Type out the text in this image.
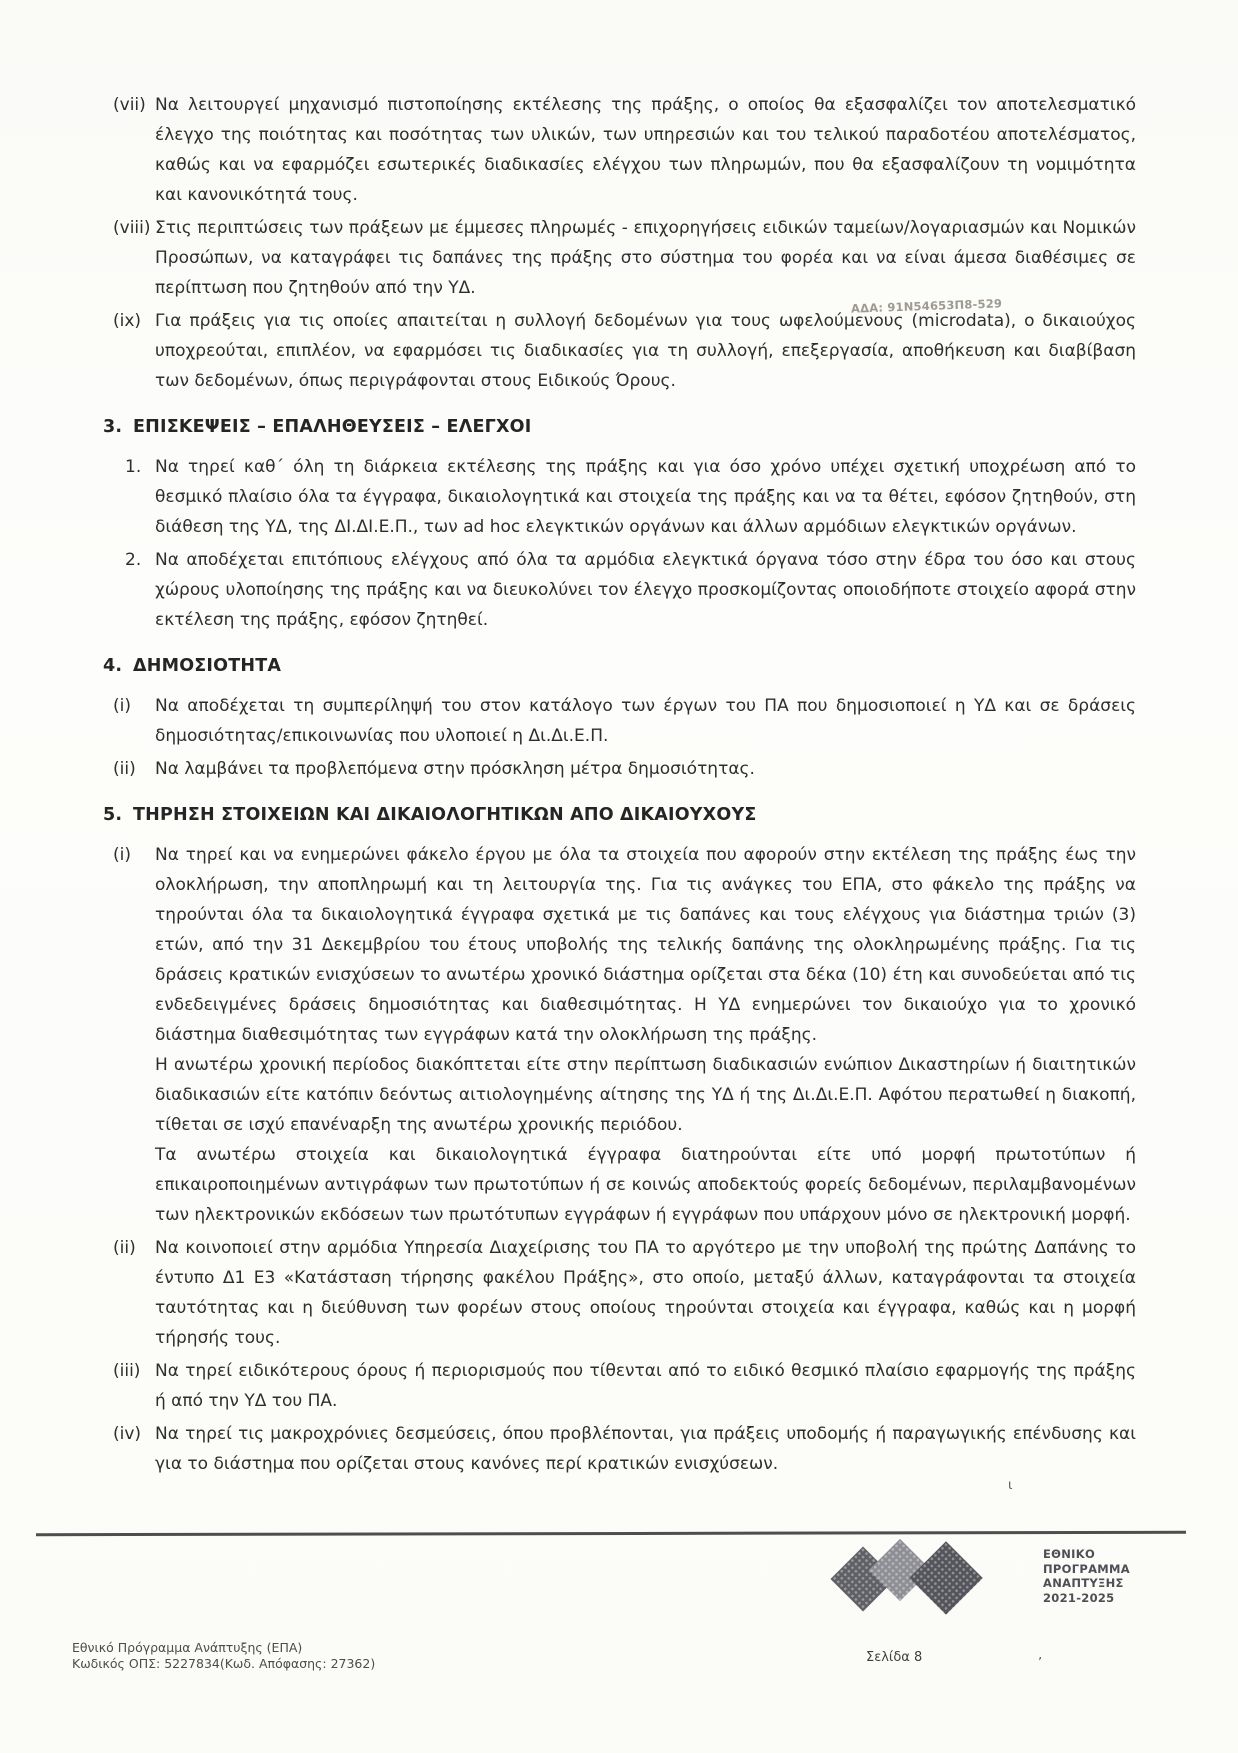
(vii) Να λειτουργεί μηχανισμό πιστοποίησης εκτέλεσης της πράξης, ο οποίος θα εξασφαλίζει τον αποτελεσματικό έλεγχο της ποιότητας και ποσότητας των υλικών, των υπηρεσιών και του τελικού παραδοτέου αποτελέσματος, καθώς και να εφαρμόζει εσωτερικές διαδικασίες ελέγχου των πληρωμών, που θα εξασφαλίζουν τη νομιμότητα και κανονικότητά τους.
(viii) Στις περιπτώσεις των πράξεων με έμμεσες πληρωμές - επιχορηγήσεις ειδικών ταμείων/λογαριασμών και Νομικών Προσώπων, να καταγράφει τις δαπάνες της πράξης στο σύστημα του φορέα και να είναι άμεσα διαθέσιμες σε περίπτωση που ζητηθούν από την ΥΔ.
ΑΔΑ: 91Ν54653Π8-529
(ix) Για πράξεις για τις οποίες απαιτείται η συλλογή δεδομένων για τους ωφελούμενους (microdata), ο δικαιούχος υποχρεούται, επιπλέον, να εφαρμόσει τις διαδικασίες για τη συλλογή, επεξεργασία, αποθήκευση και διαβίβαση των δεδομένων, όπως περιγράφονται στους Ειδικούς Όρους.
3. ΕΠΙΣΚΕΨΕΙΣ – ΕΠΑΛΗΘΕΥΣΕΙΣ – ΕΛΕΓΧΟΙ
1. Να τηρεί καθ΄ όλη τη διάρκεια εκτέλεσης της πράξης και για όσο χρόνο υπέχει σχετική υποχρέωση από το θεσμικό πλαίσιο όλα τα έγγραφα, δικαιολογητικά και στοιχεία της πράξης και να τα θέτει, εφόσον ζητηθούν, στη διάθεση της ΥΔ, της ΔΙ.ΔΙ.Ε.Π., των ad hoc ελεγκτικών οργάνων και άλλων αρμόδιων ελεγκτικών οργάνων.
2. Να αποδέχεται επιτόπιους ελέγχους από όλα τα αρμόδια ελεγκτικά όργανα τόσο στην έδρα του όσο και στους χώρους υλοποίησης της πράξης και να διευκολύνει τον έλεγχο προσκομίζοντας οποιοδήποτε στοιχείο αφορά στην εκτέλεση της πράξης, εφόσον ζητηθεί.
4. ΔΗΜΟΣΙΟΤΗΤΑ
(i)	Να αποδέχεται τη συμπερίληψή του στον κατάλογο των έργων του ΠΑ που δημοσιοποιεί η ΥΔ και σε δράσεις δημοσιότητας/επικοινωνίας που υλοποιεί η Δι.Δι.Ε.Π.
(ii)	Να λαμβάνει τα προβλεπόμενα στην πρόσκληση μέτρα δημοσιότητας.
5. ΤΗΡΗΣΗ ΣΤΟΙΧΕΙΩΝ ΚΑΙ ΔΙΚΑΙΟΛΟΓΗΤΙΚΩΝ ΑΠΟ ΔΙΚΑΙΟΥΧΟΥΣ
(i)	Να τηρεί και να ενημερώνει φάκελο έργου με όλα τα στοιχεία που αφορούν στην εκτέλεση της πράξης έως την ολοκλήρωση, την αποπληρωμή και τη λειτουργία της. Για τις ανάγκες του ΕΠΑ, στο φάκελο της πράξης να τηρούνται όλα τα δικαιολογητικά έγγραφα σχετικά με τις δαπάνες και τους ελέγχους για διάστημα τριών (3) ετών, από την 31 Δεκεμβρίου του έτους υποβολής της τελικής δαπάνης της ολοκληρωμένης πράξης. Για τις δράσεις κρατικών ενισχύσεων το ανωτέρω χρονικό διάστημα ορίζεται στα δέκα (10) έτη και συνοδεύεται από τις ενδεδειγμένες δράσεις δημοσιότητας και διαθεσιμότητας. Η ΥΔ ενημερώνει τον δικαιούχο για το χρονικό διάστημα διαθεσιμότητας των εγγράφων κατά την ολοκλήρωση της πράξης.
Η ανωτέρω χρονική περίοδος διακόπτεται είτε στην περίπτωση διαδικασιών ενώπιον Δικαστηρίων ή διαιτητικών διαδικασιών είτε κατόπιν δεόντως αιτιολογημένης αίτησης της ΥΔ ή της Δι.Δι.Ε.Π. Αφότου περατωθεί η διακοπή, τίθεται σε ισχύ επανέναρξη της ανωτέρω χρονικής περιόδου.
Τα ανωτέρω στοιχεία και δικαιολογητικά έγγραφα διατηρούνται είτε υπό μορφή πρωτοτύπων ή επικαιροποιημένων αντιγράφων των πρωτοτύπων ή σε κοινώς αποδεκτούς φορείς δεδομένων, περιλαμβανομένων των ηλεκτρονικών εκδόσεων των πρωτότυπων εγγράφων ή εγγράφων που υπάρχουν μόνο σε ηλεκτρονική μορφή.
(ii)	Να κοινοποιεί στην αρμόδια Υπηρεσία Διαχείρισης του ΠΑ το αργότερο με την υποβολή της πρώτης Δαπάνης το έντυπο Δ1 Ε3 «Κατάσταση τήρησης φακέλου Πράξης», στο οποίο, μεταξύ άλλων, καταγράφονται τα στοιχεία ταυτότητας και η διεύθυνση των φορέων στους οποίους τηρούνται στοιχεία και έγγραφα, καθώς και η μορφή τήρησής τους.
(iii) Να τηρεί ειδικότερους όρους ή περιορισμούς που τίθενται από το ειδικό θεσμικό πλαίσιο εφαρμογής της πράξης ή από την ΥΔ του ΠΑ.
(iv) Να τηρεί τις μακροχρόνιες δεσμεύσεις, όπου προβλέπονται, για πράξεις υποδομής ή παραγωγικής επένδυσης και για το διάστημα που ορίζεται στους κανόνες περί κρατικών ενισχύσεων.
ΕΘΝΙΚΟ
ΠΡΟΓΡΑΜΜΑ
ΑΝΑΠΤΥΞΗΣ
2021-2025
Εθνικό Πρόγραμμα Ανάπτυξης (ΕΠΑ)
Κωδικός ΟΠΣ: 5227834(Κωδ. Απόφασης: 27362)	Σελίδα 8
ι
’
